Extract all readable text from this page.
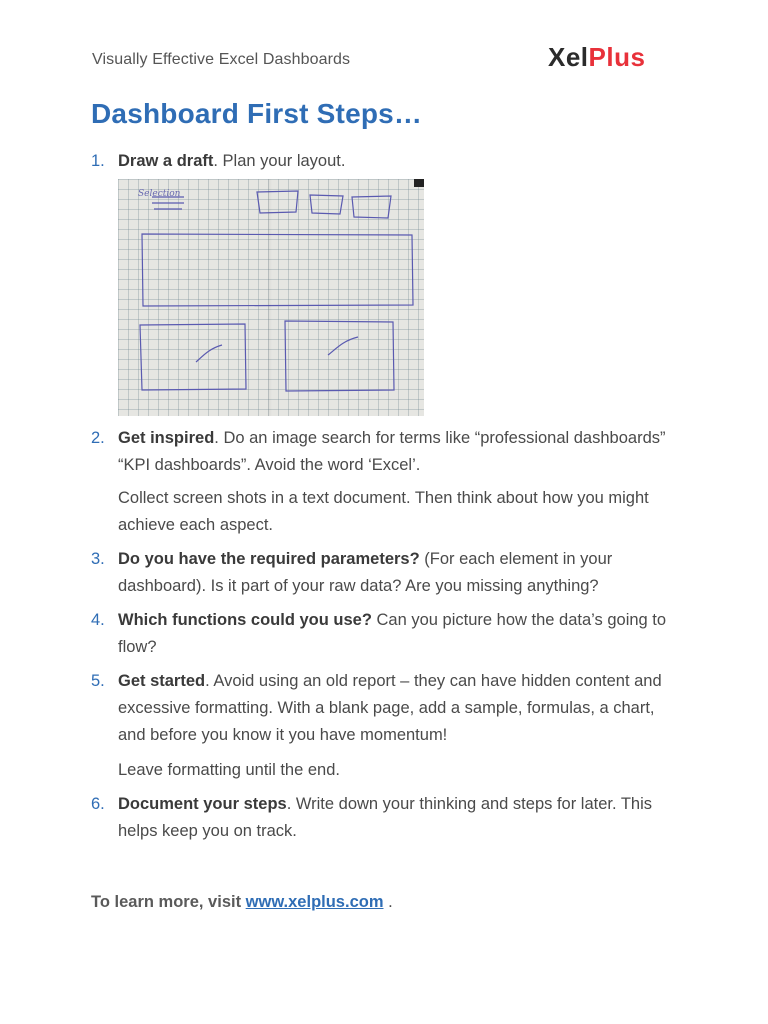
Visually Effective Excel Dashboards	XelPlus
Dashboard First Steps…
1. Draw a draft. Plan your layout.

Selection
2. Get inspired. Do an image search for terms like “professional dashboards” “KPI dashboards”. Avoid the word ‘Excel’.

Collect screen shots in a text document. Then think about how you might achieve each aspect.

3. Do you have the required parameters? (For each element in your dashboard). Is it part of your raw data? Are you missing anything?

4. Which functions could you use? Can you picture how the data’s going to flow?

5. Get started. Avoid using an old report – they can have hidden content and excessive formatting. With a blank page, add a sample, formulas, a chart, and before you know it you have momentum!

Leave formatting until the end.

6. Document your steps. Write down your thinking and steps for later. This helps keep you on track.

To learn more, visit www.xelplus.com .
